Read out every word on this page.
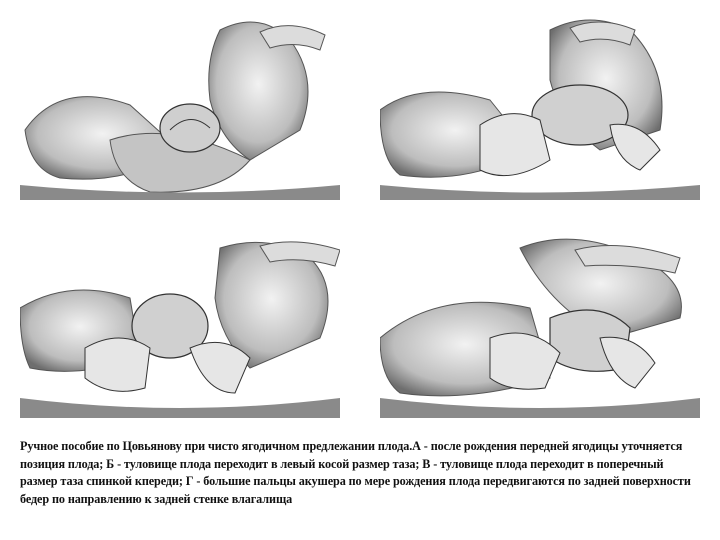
Ручное пособие по Цовьянову при чисто ягодичном предлежании плода.А - после рождения передней ягодицы уточняется позиция плода; Б - туловище плода переходит в левый косой размер таза; В - туловище плода переходит в поперечный размер таза спинкой кпереди; Г - большие пальцы акушера по мере рождения плода передвигаются по задней поверхности бедер по направлению к задней стенке влагалища
